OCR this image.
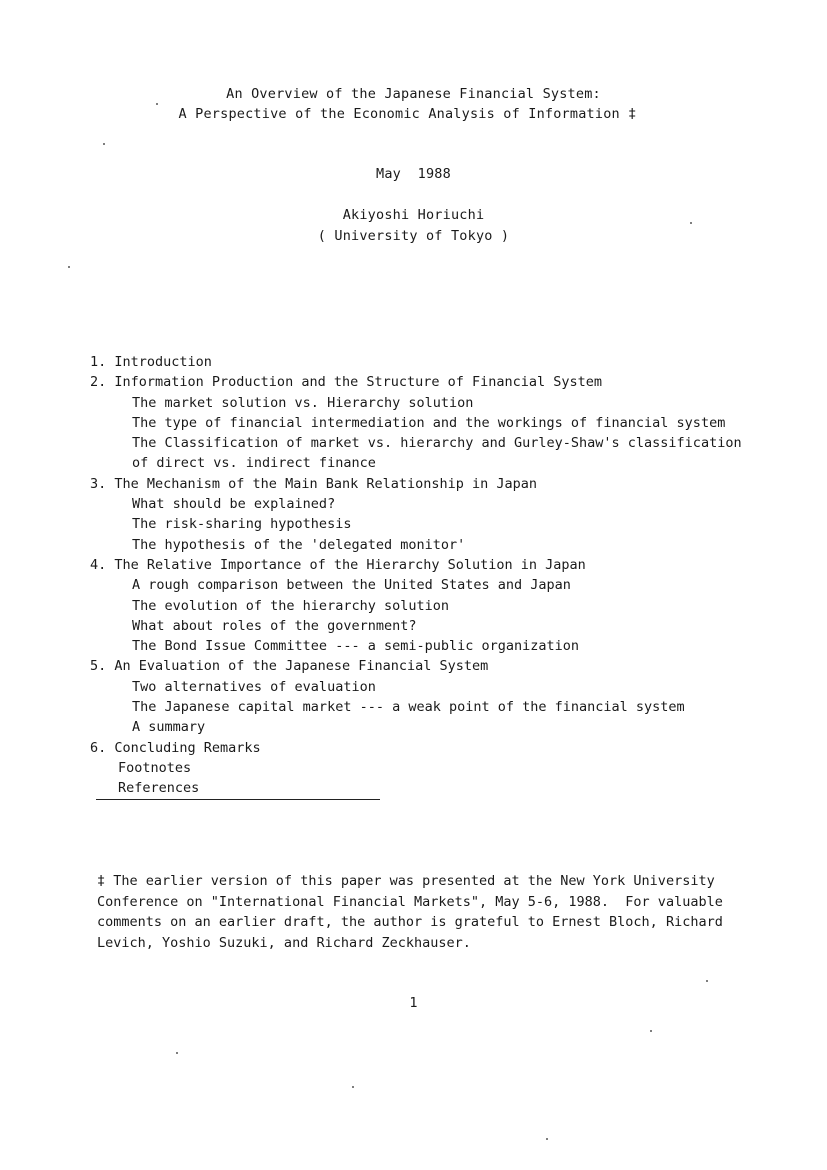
An Overview of the Japanese Financial System:
A Perspective of the Economic Analysis of Information ‡
May  1988
Akiyoshi Horiuchi
( University of Tokyo )
1. Introduction
2. Information Production and the Structure of Financial System
The market solution vs. Hierarchy solution
The type of financial intermediation and the workings of financial system
The Classification of market vs. hierarchy and Gurley-Shaw's classification
of direct vs. indirect finance
3. The Mechanism of the Main Bank Relationship in Japan
What should be explained?
The risk-sharing hypothesis
The hypothesis of the 'delegated monitor'
4. The Relative Importance of the Hierarchy Solution in Japan
A rough comparison between the United States and Japan
The evolution of the hierarchy solution
What about roles of the government?
The Bond Issue Committee --- a semi-public organization
5. An Evaluation of the Japanese Financial System
Two alternatives of evaluation
The Japanese capital market --- a weak point of the financial system
A summary
6. Concluding Remarks
Footnotes
References
‡ The earlier version of this paper was presented at the New York University
Conference on "International Financial Markets", May 5-6, 1988.  For valuable
comments on an earlier draft, the author is grateful to Ernest Bloch, Richard
Levich, Yoshio Suzuki, and Richard Zeckhauser.
1
